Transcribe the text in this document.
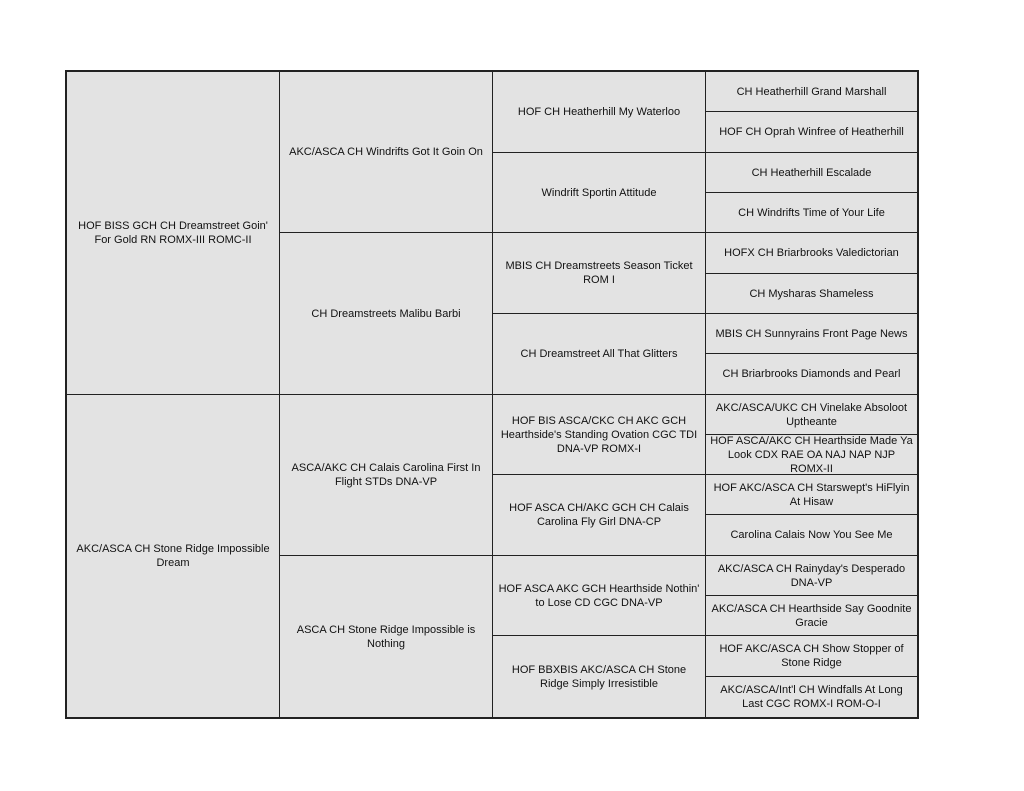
HOF BISS GCH CH Dreamstreet Goin' For Gold RN ROMX-III ROMC-II
AKC/ASCA CH Stone Ridge Impossible Dream
AKC/ASCA CH Windrifts Got It Goin On
CH Dreamstreets Malibu Barbi
ASCA/AKC CH Calais Carolina First In Flight STDs DNA-VP
ASCA CH Stone Ridge Impossible is Nothing
HOF CH Heatherhill My Waterloo
Windrift Sportin Attitude
MBIS CH Dreamstreets Season Ticket ROM I
CH Dreamstreet All That Glitters
HOF BIS ASCA/CKC CH AKC GCH Hearthside's Standing Ovation CGC TDI DNA-VP ROMX-I
HOF ASCA CH/AKC GCH CH Calais Carolina Fly Girl DNA-CP
HOF ASCA AKC GCH Hearthside Nothin' to Lose CD CGC DNA-VP
HOF BBXBIS AKC/ASCA CH Stone Ridge Simply Irresistible
CH Heatherhill Grand Marshall
HOF CH Oprah Winfree of Heatherhill
CH Heatherhill Escalade
CH Windrifts Time of Your Life
HOFX CH Briarbrooks Valedictorian
CH Mysharas Shameless
MBIS CH Sunnyrains Front Page News
CH Briarbrooks Diamonds and Pearl
AKC/ASCA/UKC CH Vinelake Absoloot Uptheante
HOF ASCA/AKC CH Hearthside Made Ya Look CDX RAE OA NAJ NAP NJP ROMX-II
HOF AKC/ASCA CH Starswept's HiFlyin At Hisaw
Carolina Calais Now You See Me
AKC/ASCA CH Rainyday's Desperado DNA-VP
AKC/ASCA CH Hearthside Say Goodnite Gracie
HOF AKC/ASCA CH Show Stopper of Stone Ridge
AKC/ASCA/Int'l CH Windfalls At Long Last CGC ROMX-I ROM-O-I
